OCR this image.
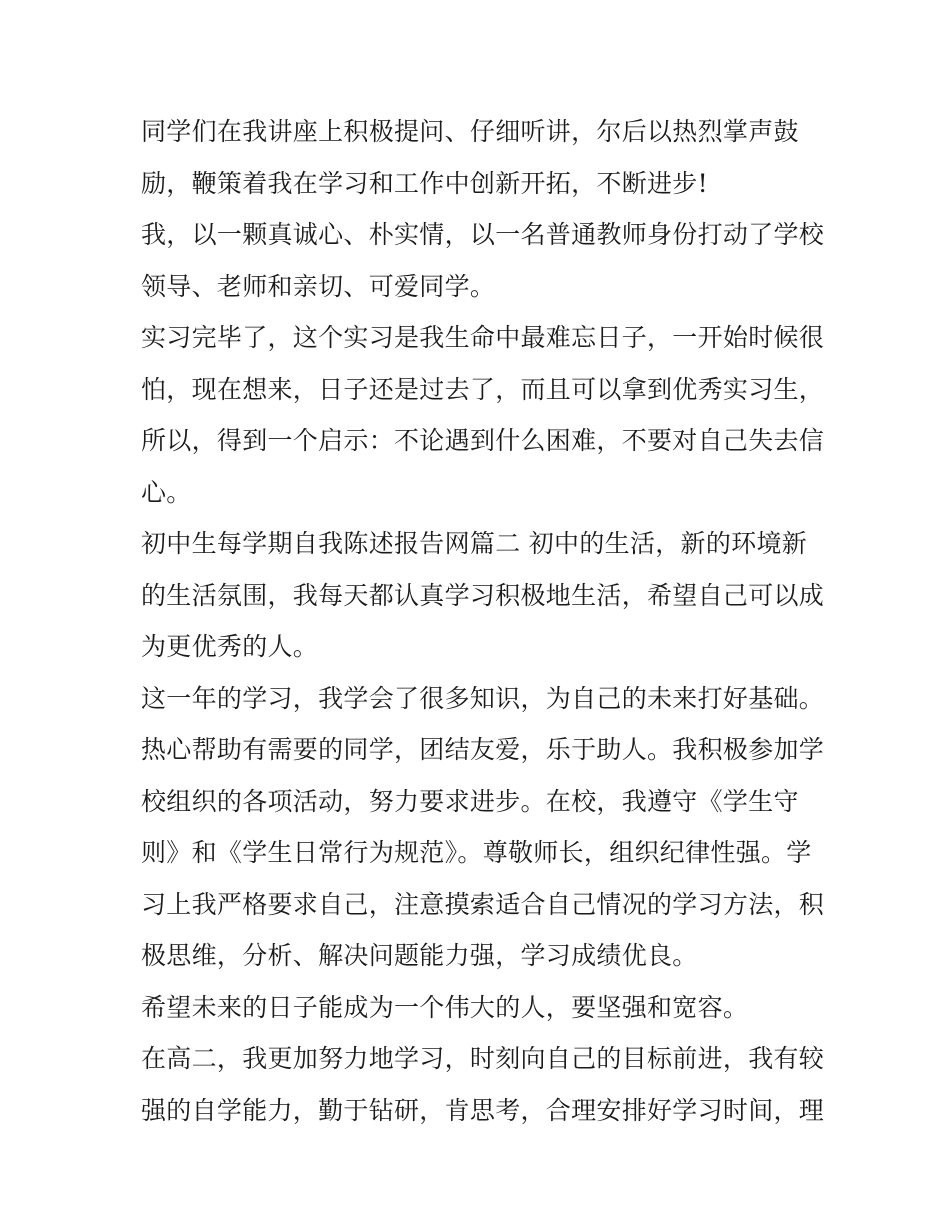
同学们在我讲座上积极提问、仔细听讲，尔后以热烈掌声鼓
励，鞭策着我在学习和工作中创新开拓，不断进步!
我，以一颗真诚心、朴实情，以一名普通教师身份打动了学校
领导、老师和亲切、可爱同学。
实习完毕了，这个实习是我生命中最难忘日子，一开始时候很
怕，现在想来，日子还是过去了，而且可以拿到优秀实习生，
所以，得到一个启示：不论遇到什么困难，不要对自己失去信
心。
初中生每学期自我陈述报告网篇二 初中的生活，新的环境新
的生活氛围，我每天都认真学习积极地生活，希望自己可以成
为更优秀的人。
这一年的学习，我学会了很多知识，为自己的未来打好基础。
热心帮助有需要的同学，团结友爱，乐于助人。我积极参加学
校组织的各项活动，努力要求进步。在校，我遵守《学生守
则》和《学生日常行为规范》。尊敬师长，组织纪律性强。学
习上我严格要求自己，注意摸索适合自己情况的学习方法，积
极思维，分析、解决问题能力强，学习成绩优良。
希望未来的日子能成为一个伟大的人，要坚强和宽容。
在高二，我更加努力地学习，时刻向自己的目标前进，我有较
强的自学能力，勤于钻研，肯思考，合理安排好学习时间，理
